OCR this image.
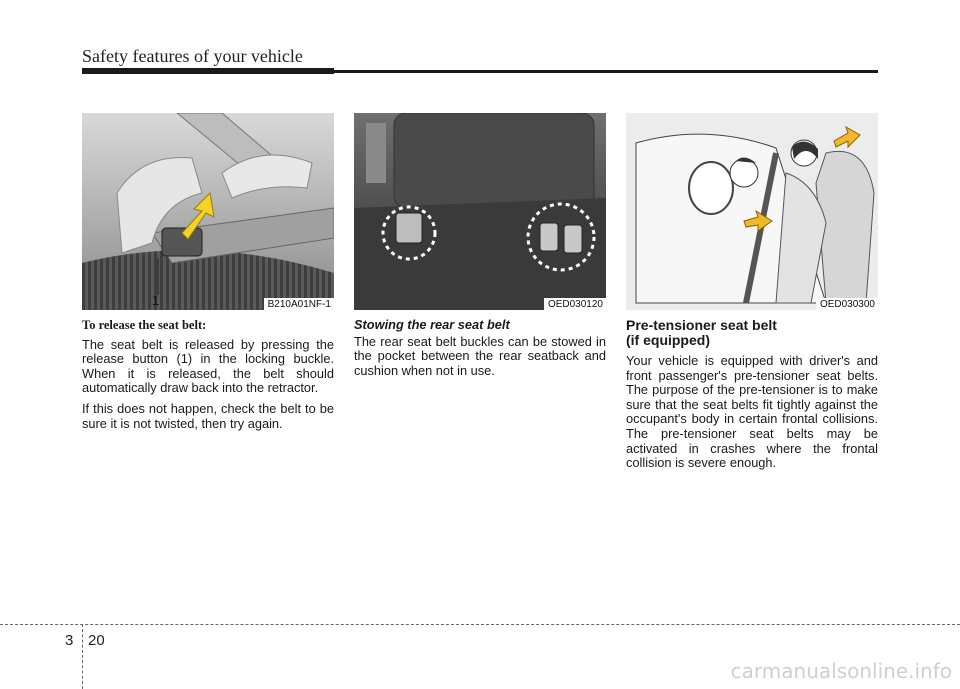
Safety features of your vehicle
1	B210A01NF-1
To release the seat belt:

The seat belt is released by pressing the release button (1) in the locking buckle. When it is released, the belt should automatically draw back into the retractor.

If this does not happen, check the belt to be sure it is not twisted, then try again.

OED030120
Stowing the rear seat belt

The rear seat belt buckles can be stowed in the pocket between the rear seatback and cushion when not in use.

OED030300
Pre-tensioner seat belt
(if equipped)

Your vehicle is equipped with driver's and front passenger's pre-tensioner seat belts. The purpose of the pre-tensioner is to make sure that the seat belts fit tightly against the occupant's body in certain frontal collisions. The pre-tensioner seat belts may be activated in crashes where the frontal collision is severe enough.

3 20
carmanualsonline.info
